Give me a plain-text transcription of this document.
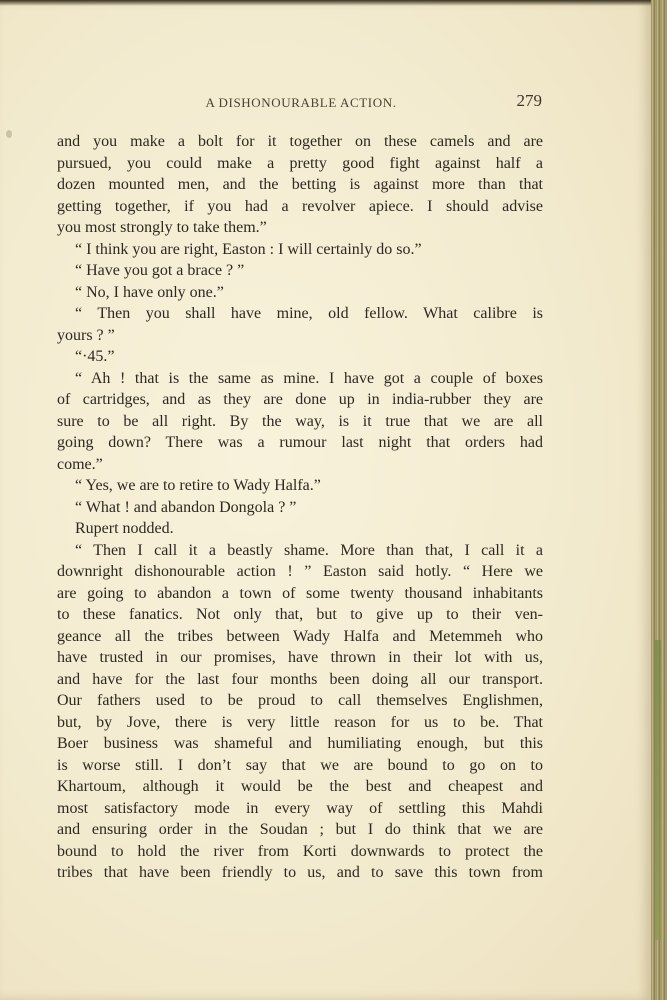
A DISHONOURABLE ACTION.	279
and you make a bolt for it together on these camels and are
pursued, you could make a pretty good fight against half a
dozen mounted men, and the betting is against more than that
getting together, if you had a revolver apiece. I should advise
you most strongly to take them.”
“ I think you are right, Easton : I will certainly do so.”
“ Have you got a brace ? ”
“ No, I have only one.”
“ Then you shall have mine, old fellow. What calibre is
yours ? ”
“·45.”
“ Ah ! that is the same as mine. I have got a couple of boxes
of cartridges, and as they are done up in india-rubber they are
sure to be all right. By the way, is it true that we are all
going down? There was a rumour last night that orders had
come.”
“ Yes, we are to retire to Wady Halfa.”
“ What ! and abandon Dongola ? ”
Rupert nodded.
“ Then I call it a beastly shame. More than that, I call it a
downright dishonourable action ! ” Easton said hotly. “ Here we
are going to abandon a town of some twenty thousand inhabitants
to these fanatics. Not only that, but to give up to their ven-
geance all the tribes between Wady Halfa and Metemmeh who
have trusted in our promises, have thrown in their lot with us,
and have for the last four months been doing all our transport.
Our fathers used to be proud to call themselves Englishmen,
but, by Jove, there is very little reason for us to be. That
Boer business was shameful and humiliating enough, but this
is worse still. I don’t say that we are bound to go on to
Khartoum, although it would be the best and cheapest and
most satisfactory mode in every way of settling this Mahdi
and ensuring order in the Soudan ; but I do think that we are
bound to hold the river from Korti downwards to protect the
tribes that have been friendly to us, and to save this town from
